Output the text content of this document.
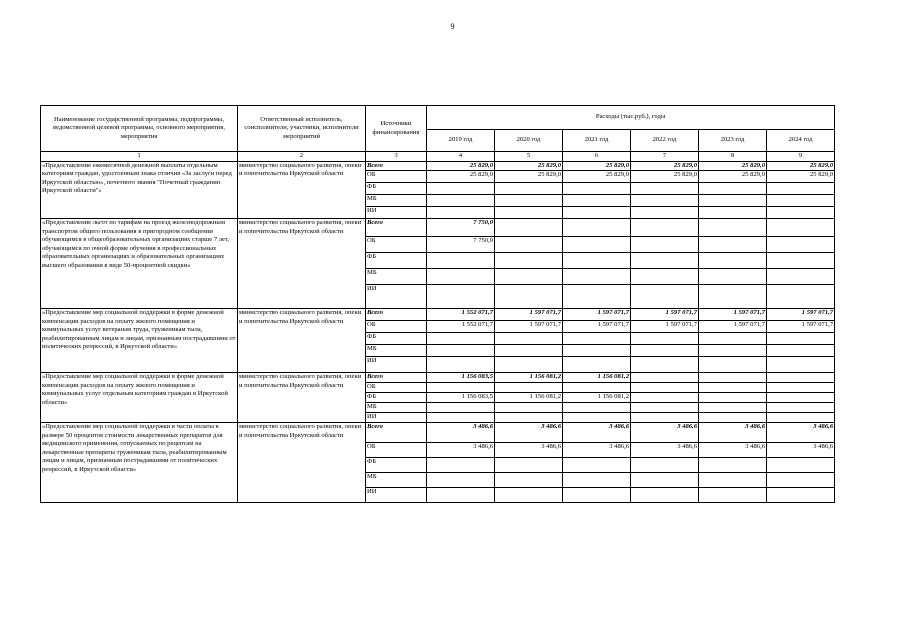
9
Наименование государственной программы, подпрограммы, ведомственной целевой программы, основного мероприятия, мероприятия	Ответственный исполнитель, соисполнители, участники, исполнители мероприятий	Источники финансирования	Расходы (тыс.руб.), годы					
			2019 год	2020 год	2021 год	2022 год	2023 год	2024 год
1	2	3	4	5	6	7	8	9
«Предоставление ежемесячной денежной выплаты отдельным категориям граждан, удостоенным знака отличия «За заслуги перед Иркутской областью», почетного звания "Почетный гражданин Иркутской области"»	министерство социального развития, опеки и попечительства Иркутской области	Всего	25 829,0	25 829,0	25 829,0	25 829,0	25 829,0	25 829,0
		ОБ	25 829,0	25 829,0	25 829,0	25 829,0	25 829,0	25 829,0
		ФБ						
		МБ						
		ИИ						
«Предоставление льгот по тарифам на проезд железнодорожным транспортом общего пользования в пригородном сообщении обучающимся в общеобразовательных организациях старше 7 лет, обучающимся по очной форме обучения в профессиональных образовательных организациях и образовательных организациях высшего образования в виде 50-процентной скидки»	министерство социального развития, опеки и попечительства Иркутской области	Всего	7 750,0					
		ОБ	7 750,0					
		ФБ						
		МБ						
		ИИ						
«Предоставление мер социальной поддержки в форме денежной компенсации расходов на оплату жилого помещения и коммунальных услуг ветеранам труда, труженикам тыла, реабилитированным лицам и лицам, признанным пострадавшими от политических репрессий, в Иркутской области»	министерство социального развития, опеки и попечительства Иркутской области	Всего	1 552 071,7	1 597 071,7	1 597 071,7	1 597 071,7	1 597 071,7	1 597 071,7
		ОБ	1 552 071,7	1 597 071,7	1 597 071,7	1 597 071,7	1 597 071,7	1 597 071,7
		ФБ						
		МБ						
		ИИ						
«Предоставление мер социальной поддержки в форме денежной компенсации расходов на оплату жилого помещения и коммунальных услуг отдельным категориям граждан в Иркутской области»	министерство социального развития, опеки и попечительства Иркутской области	Всего	1 156 083,5	1 156 081,2	1 156 081,2			
		ОБ						
		ФБ	1 156 083,5	1 156 081,2	1 156 081,2			
		МБ						
		ИИ						
«Предоставление мер социальной поддержки в части оплаты в размере 50 процентов стоимости лекарственных препаратов для медицинского применения, отпускаемых по рецептам на лекарственные препараты труженикам тыла, реабилитированным лицам и лицам, признанным пострадавшими от политических репрессий, в Иркутской области»	министерство социального развития, опеки и попечительства Иркутской области	Всего	3 486,6	3 486,6	3 486,6	3 486,6	3 486,6	3 486,6
		ОБ	3 486,6	3 486,6	3 486,6	3 486,6	3 486,6	3 486,6
		ФБ						
		МБ						
		ИИ						
